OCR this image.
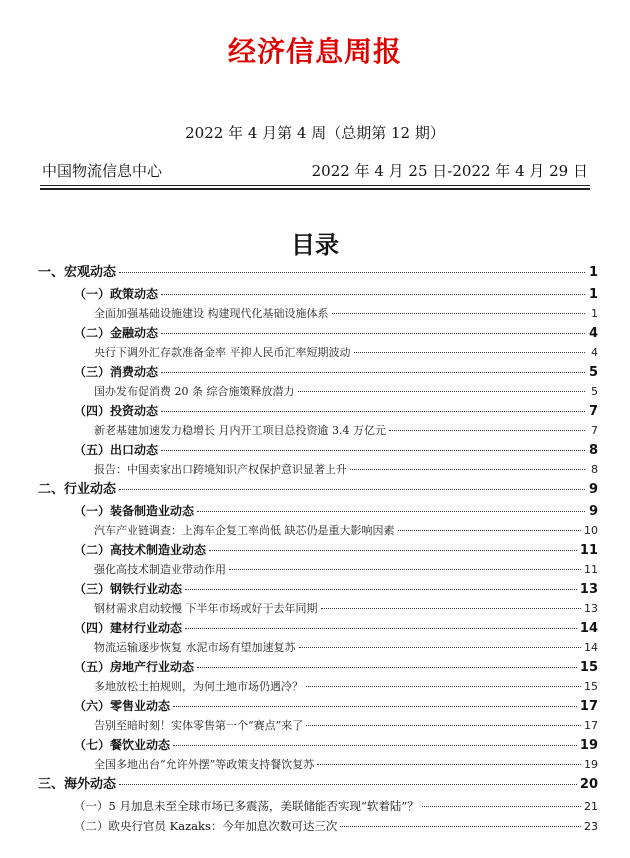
经济信息周报
2022 年 4 月第 4 周（总期第 12 期）
中国物流信息中心	2022 年 4 月 25 日-2022 年 4 月 29 日
目录
一、宏观动态	1
（一）政策动态	1
全面加强基础设施建设 构建现代化基础设施体系	1
（二）金融动态	4
央行下调外汇存款准备金率 平抑人民币汇率短期波动	4
（三）消费动态	5
国办发布促消费 20 条 综合施策释放潜力	5
（四）投资动态	7
新老基建加速发力稳增长 月内开工项目总投资逾 3.4 万亿元	7
（五）出口动态	8
报告：中国卖家出口跨境知识产权保护意识显著上升	8
二、行业动态	9
（一）装备制造业动态	9
汽车产业链调查：上海车企复工率尚低 缺芯仍是重大影响因素	10
（二）高技术制造业动态	11
强化高技术制造业带动作用	11
（三）钢铁行业动态	13
钢材需求启动较慢 下半年市场或好于去年同期	13
（四）建材行业动态	14
物流运输逐步恢复 水泥市场有望加速复苏	14
（五）房地产行业动态	15
多地放松土拍规则，为何土地市场仍遇冷？	15
（六）零售业动态	17
告别至暗时刻！实体零售第一个“赛点”来了	17
（七）餐饮业动态	19
全国多地出台“允许外摆”等政策支持餐饮复苏	19
三、海外动态	20
（一）5 月加息未至全球市场已多震荡，美联储能否实现“软着陆”？	21
（二）欧央行官员 Kazaks：今年加息次数可达三次	23
